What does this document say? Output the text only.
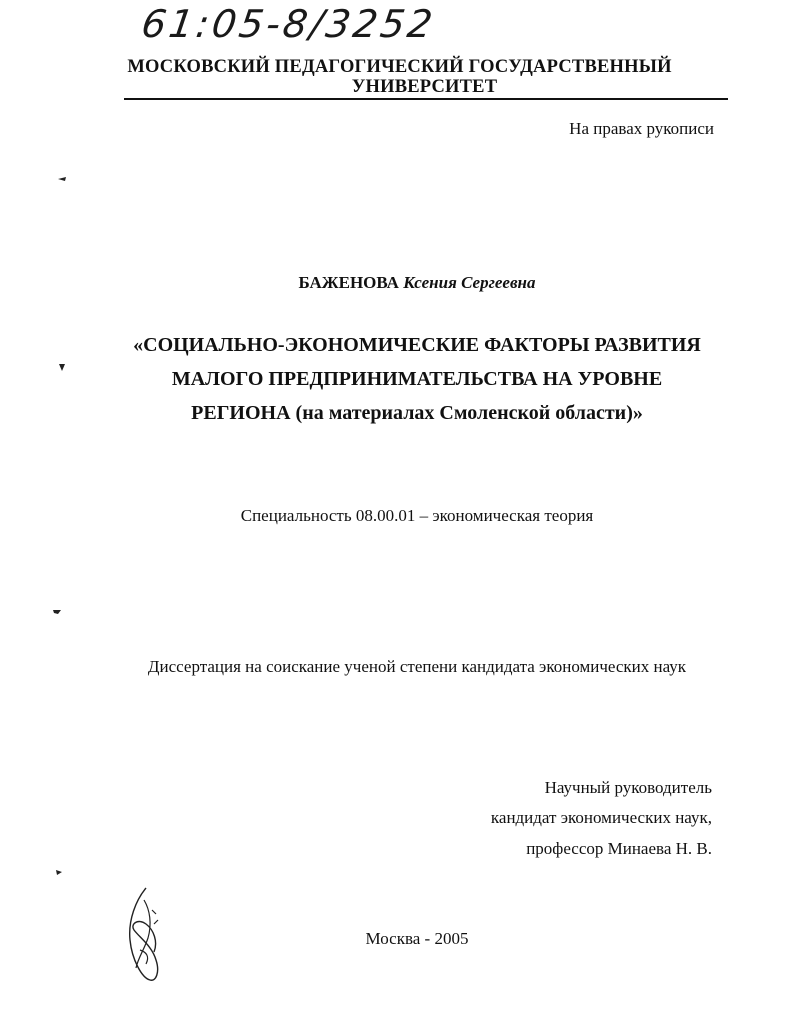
61:05-8/3252
МОСКОВСКИЙ ПЕДАГОГИЧЕСКИЙ ГОСУДАРСТВЕННЫЙ
УНИВЕРСИТЕТ
На правах рукописи
БАЖЕНОВА Ксения Сергеевна
«СОЦИАЛЬНО-ЭКОНОМИЧЕСКИЕ ФАКТОРЫ РАЗВИТИЯ
МАЛОГО ПРЕДПРИНИМАТЕЛЬСТВА НА УРОВНЕ
РЕГИОНА (на материалах Смоленской области)»
Специальность 08.00.01 – экономическая теория
Диссертация на соискание ученой степени кандидата экономических наук
Научный руководитель
кандидат экономических наук,
профессор Минаева Н. В.
Москва - 2005
